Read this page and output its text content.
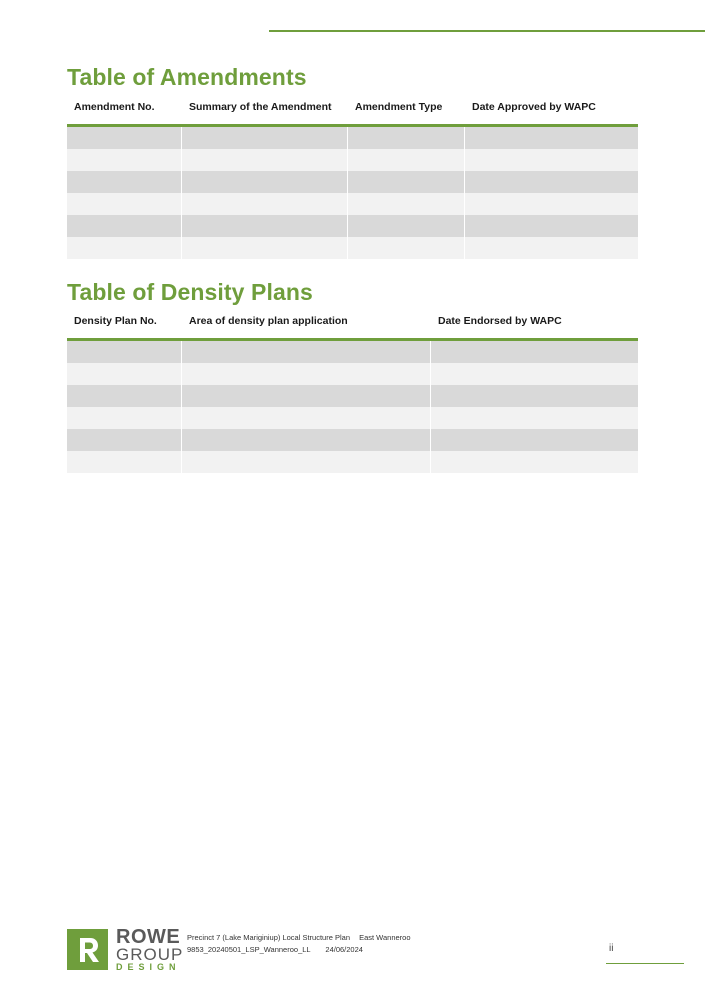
Table of Amendments
Amendment No.	Summary of the Amendment	Amendment Type	Date Approved by WAPC
Table of Density Plans
Density Plan No.	Area of density plan application	Date Endorsed by WAPC
ROWE
GROUP
DESIGN
Precinct 7 (Lake Mariginiup) Local Structure Plan East Wanneroo
9853_20240501_LSP_Wanneroo_LL 24/06/2024	ii
